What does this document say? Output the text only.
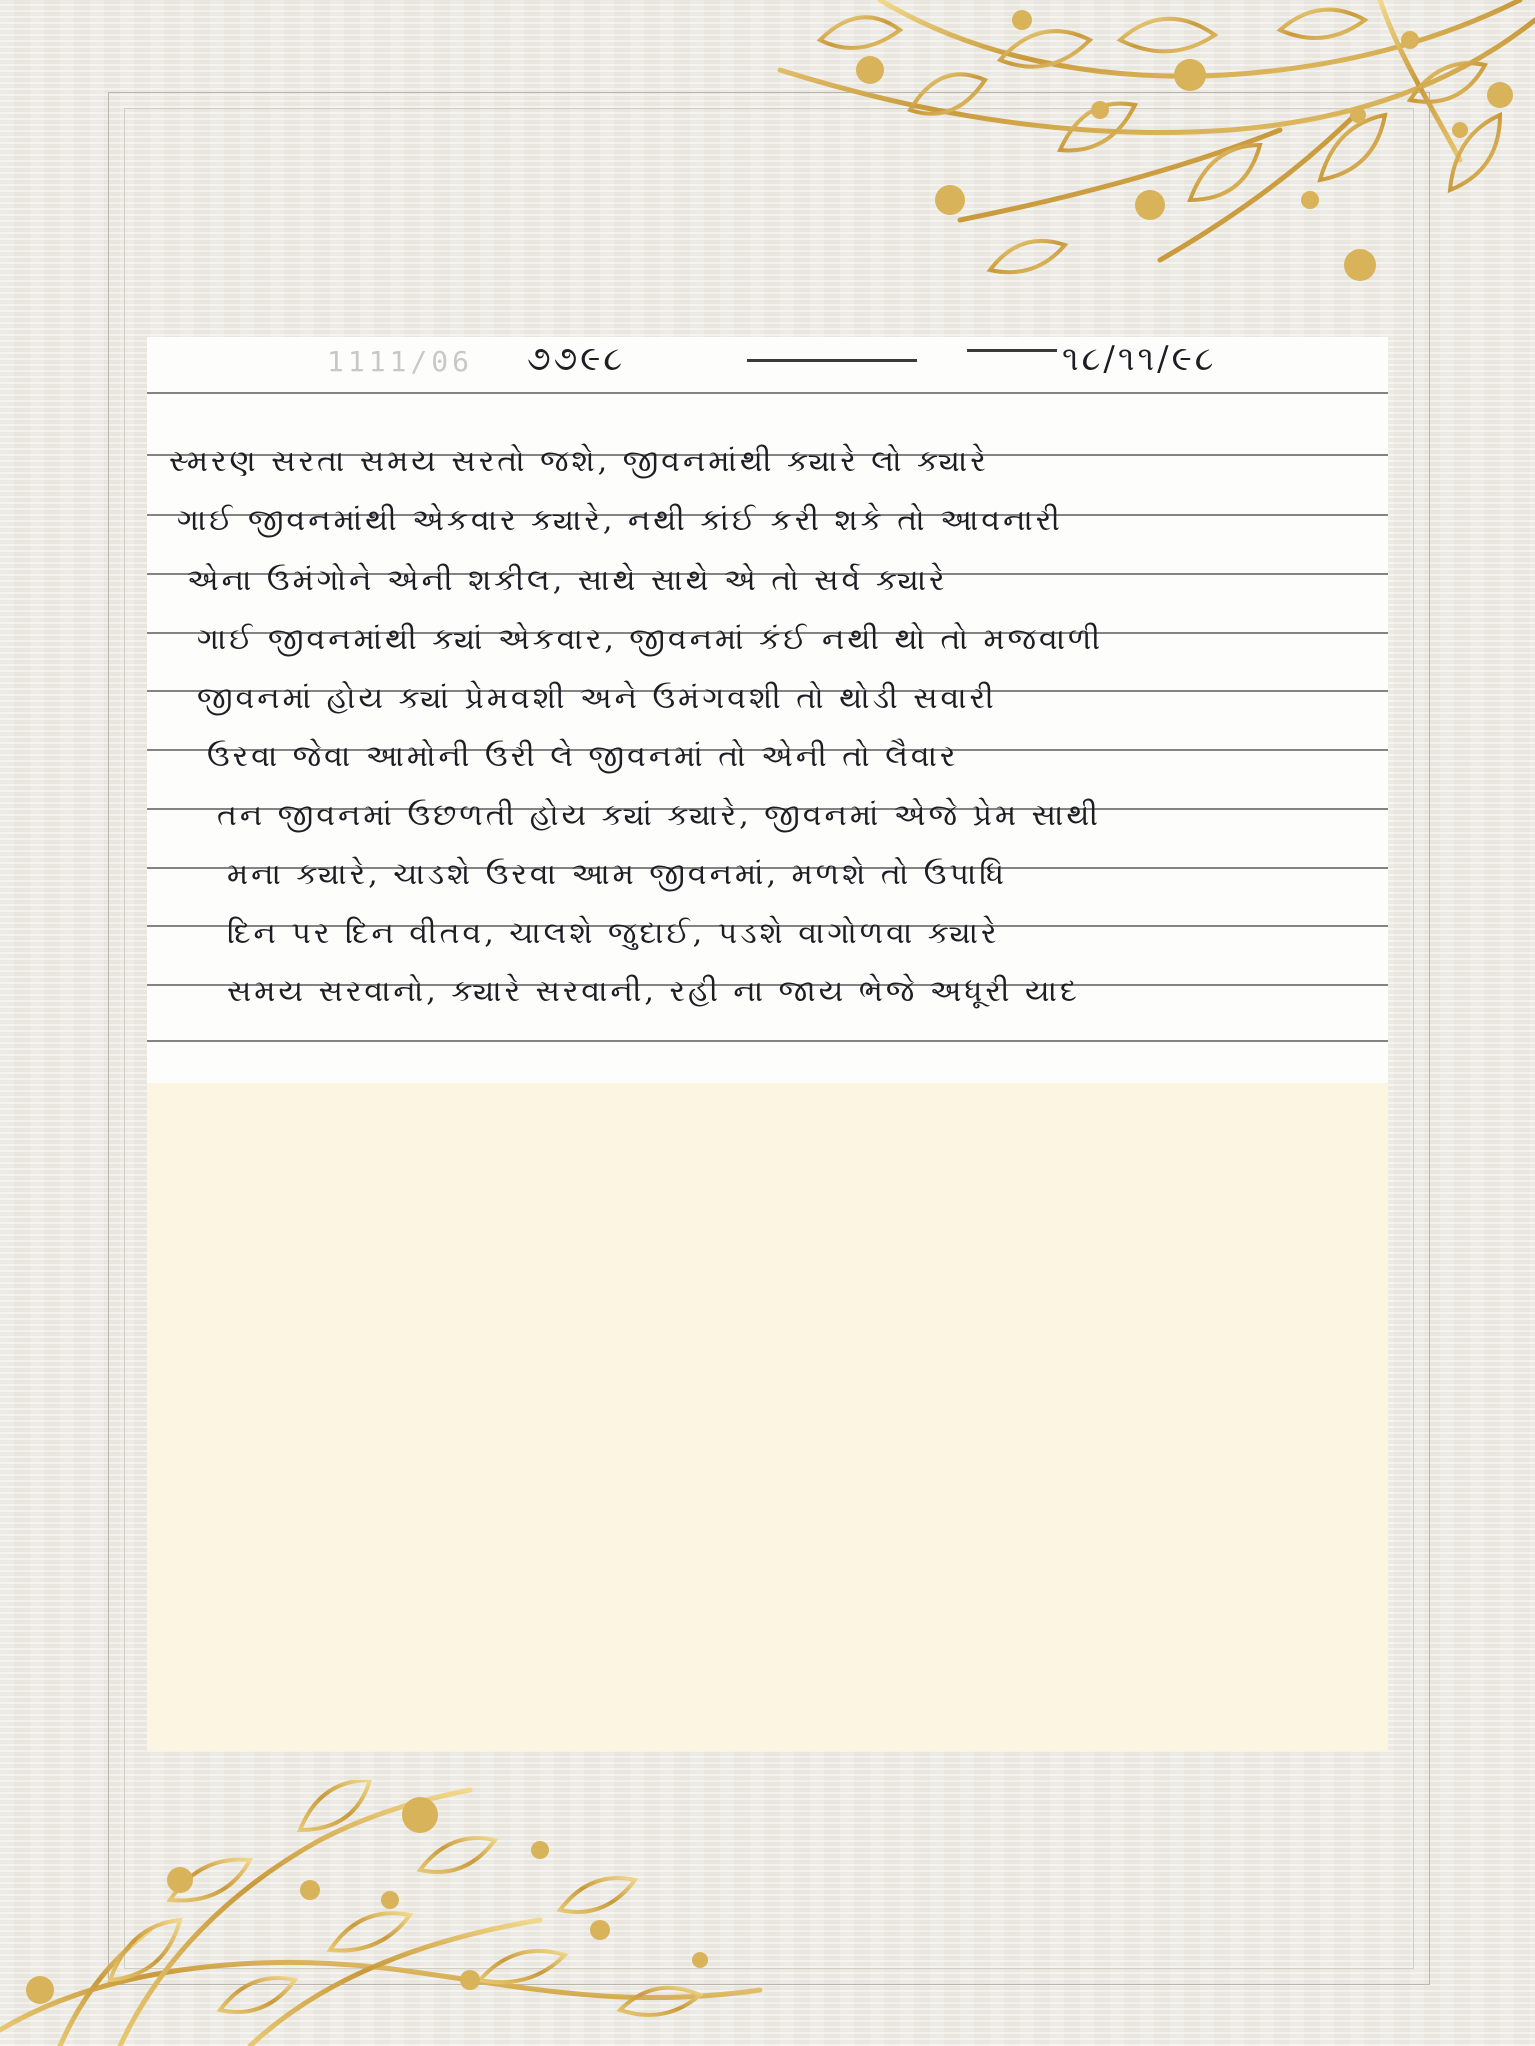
1111/06 ૭૭૯૮	૧૮/૧૧/૯૮
સ્મરણ સરતા સમય સરતો જશે, જીવનમાંથી ક્યારે લો ક્યારે
ગાઈ જીવનમાંથી એકવાર ક્યારે, નથી કાંઈ કરી શકે તો આવનારી
એના ઉમંગોને એની શકીલ, સાથે સાથે એ તો સર્વ ક્યારે
ગાઈ જીવનમાંથી ક્યાં એકવાર, જીવનમાં કંઈ નથી થો તો મજવાળી
જીવનમાં હોય ક્યાં પ્રેમવશી અને ઉમંગવશી તો થોડી સવારી
ઉરવા જેવા આમોની ઉરી લે જીવનમાં તો એની તો લૈવાર
તન જીવનમાં ઉછળતી હોય ક્યાં ક્યારે, જીવનમાં એજે પ્રેમ સાથી
મના ક્યારે, ચાડશે ઉરવા આમ જીવનમાં, મળશે તો ઉપાધિ
દિન પર દિન વીતવ, ચાલશે જુદાઈ, પડશે વાગોળવા ક્યારે
સમય સરવાનો, ક્યારે સરવાની, રહી ના જાય ભેજે અધૂરી યાદ
